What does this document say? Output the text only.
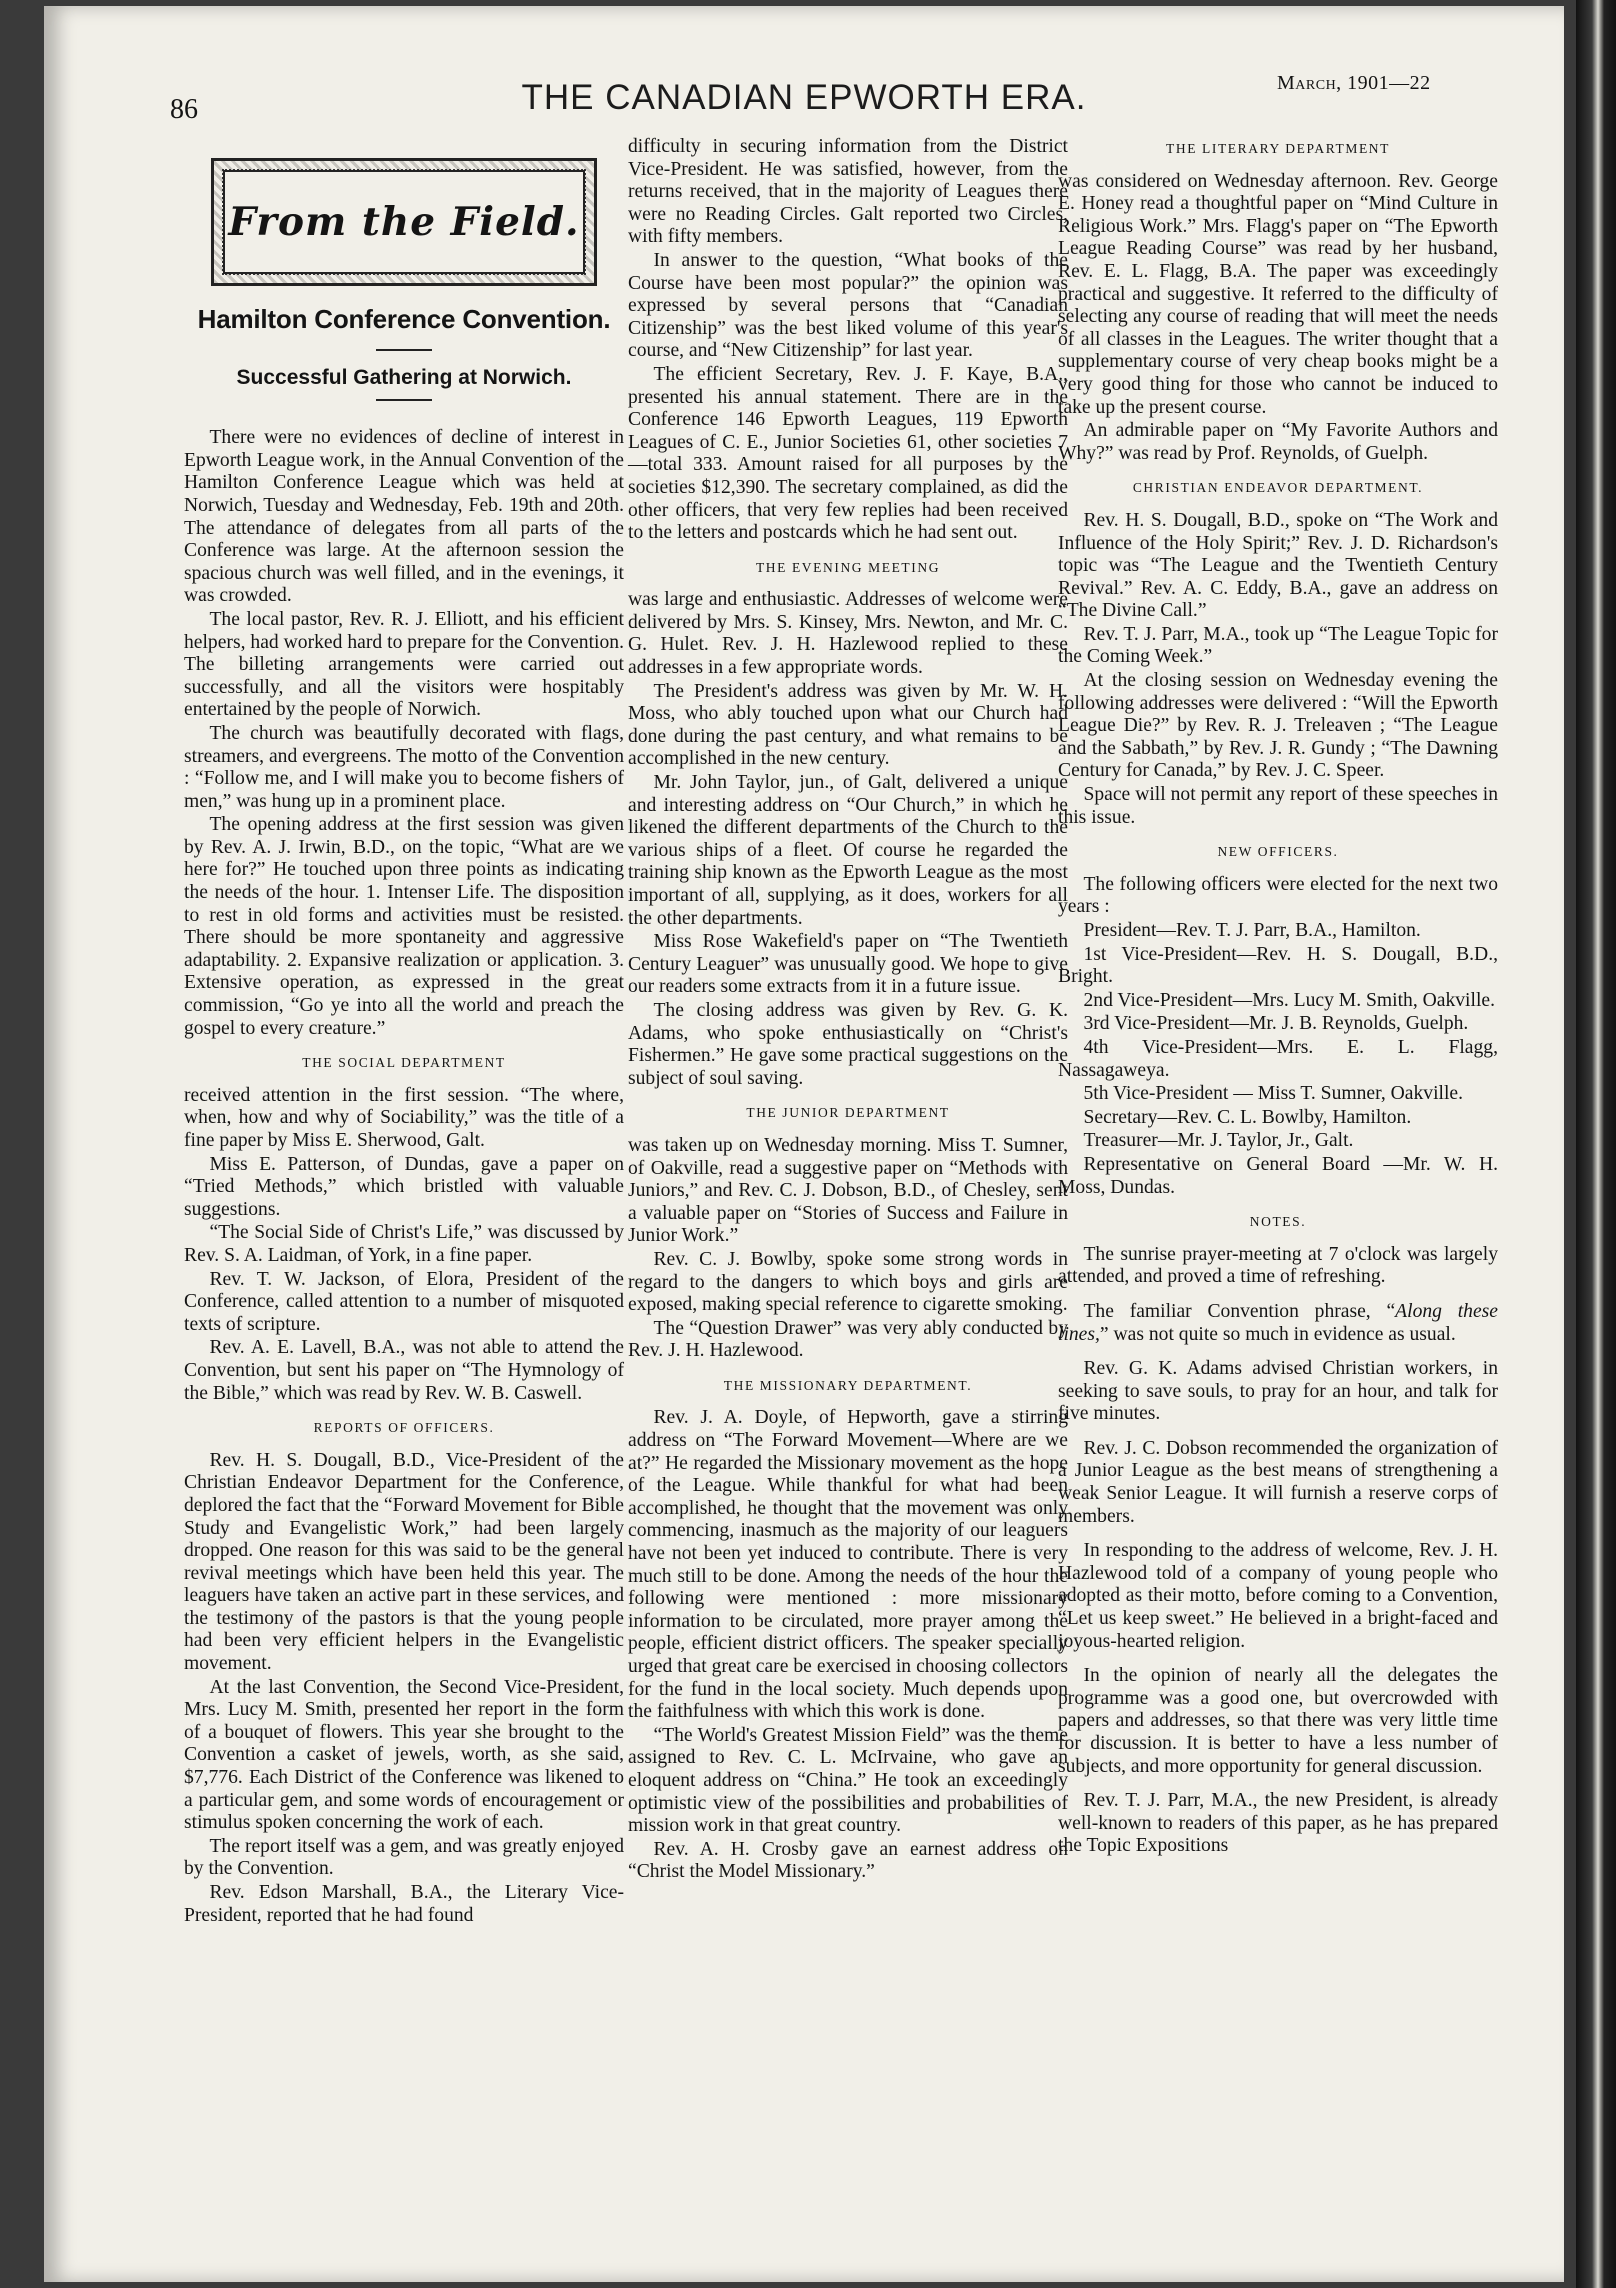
86	THE CANADIAN EPWORTH ERA.	March, 1901—22
From the Field.
Hamilton Conference Convention.
Successful Gathering at Norwich.

There were no evidences of decline of interest in Epworth League work, in the Annual Convention of the Hamilton Conference League which was held at Norwich, Tuesday and Wednesday, Feb. 19th and 20th. The attendance of delegates from all parts of the Conference was large. At the afternoon session the spacious church was well filled, and in the evenings, it was crowded.

The local pastor, Rev. R. J. Elliott, and his efficient helpers, had worked hard to prepare for the Convention. The billeting arrangements were carried out successfully, and all the visitors were hospitably entertained by the people of Norwich.

The church was beautifully decorated with flags, streamers, and evergreens. The motto of the Convention : “Follow me, and I will make you to become fishers of men,” was hung up in a prominent place.

The opening address at the first session was given by Rev. A. J. Irwin, B.D., on the topic, “What are we here for?” He touched upon three points as indicating the needs of the hour. 1. Intenser Life. The disposition to rest in old forms and activities must be resisted. There should be more spontaneity and aggressive adaptability. 2. Expansive realization or application. 3. Extensive operation, as expressed in the great commission, “Go ye into all the world and preach the gospel to every creature.”

THE SOCIAL DEPARTMENT

received attention in the first session. “The where, when, how and why of Sociability,” was the title of a fine paper by Miss E. Sherwood, Galt.

Miss E. Patterson, of Dundas, gave a paper on “Tried Methods,” which bristled with valuable suggestions.

“The Social Side of Christ's Life,” was discussed by Rev. S. A. Laidman, of York, in a fine paper.

Rev. T. W. Jackson, of Elora, President of the Conference, called attention to a number of misquoted texts of scripture.

Rev. A. E. Lavell, B.A., was not able to attend the Convention, but sent his paper on “The Hymnology of the Bible,” which was read by Rev. W. B. Caswell.

REPORTS OF OFFICERS.

Rev. H. S. Dougall, B.D., Vice-President of the Christian Endeavor Department for the Conference, deplored the fact that the “Forward Movement for Bible Study and Evangelistic Work,” had been largely dropped. One reason for this was said to be the general revival meetings which have been held this year. The leaguers have taken an active part in these services, and the testimony of the pastors is that the young people had been very efficient helpers in the Evangelistic movement.

At the last Convention, the Second Vice-President, Mrs. Lucy M. Smith, presented her report in the form of a bouquet of flowers. This year she brought to the Convention a casket of jewels, worth, as she said, $7,776. Each District of the Conference was likened to a particular gem, and some words of encouragement or stimulus spoken concerning the work of each.

The report itself was a gem, and was greatly enjoyed by the Convention.

Rev. Edson Marshall, B.A., the Literary Vice-President, reported that he had found

difficulty in securing information from the District Vice-President. He was satisfied, however, from the returns received, that in the majority of Leagues there were no Reading Circles. Galt reported two Circles, with fifty members.

In answer to the question, “What books of the Course have been most popular?” the opinion was expressed by several persons that “Canadian Citizenship” was the best liked volume of this year's course, and “New Citizenship” for last year.

The efficient Secretary, Rev. J. F. Kaye, B.A., presented his annual statement. There are in the Conference 146 Epworth Leagues, 119 Epworth Leagues of C. E., Junior Societies 61, other societies 7—total 333. Amount raised for all purposes by the societies $12,390. The secretary complained, as did the other officers, that very few replies had been received to the letters and postcards which he had sent out.

THE EVENING MEETING

was large and enthusiastic. Addresses of welcome were delivered by Mrs. S. Kinsey, Mrs. Newton, and Mr. C. G. Hulet. Rev. J. H. Hazlewood replied to these addresses in a few appropriate words.

The President's address was given by Mr. W. H. Moss, who ably touched upon what our Church had done during the past century, and what remains to be accomplished in the new century.

Mr. John Taylor, jun., of Galt, delivered a unique and interesting address on “Our Church,” in which he likened the different departments of the Church to the various ships of a fleet. Of course he regarded the training ship known as the Epworth League as the most important of all, supplying, as it does, workers for all the other departments.

Miss Rose Wakefield's paper on “The Twentieth Century Leaguer” was unusually good. We hope to give our readers some extracts from it in a future issue.

The closing address was given by Rev. G. K. Adams, who spoke enthusiastically on “Christ's Fishermen.” He gave some practical suggestions on the subject of soul saving.

THE JUNIOR DEPARTMENT

was taken up on Wednesday morning. Miss T. Sumner, of Oakville, read a suggestive paper on “Methods with Juniors,” and Rev. C. J. Dobson, B.D., of Chesley, sent a valuable paper on “Stories of Success and Failure in Junior Work.”

Rev. C. J. Bowlby, spoke some strong words in regard to the dangers to which boys and girls are exposed, making special reference to cigarette smoking.

The “Question Drawer” was very ably conducted by Rev. J. H. Hazlewood.

THE MISSIONARY DEPARTMENT.

Rev. J. A. Doyle, of Hepworth, gave a stirring address on “The Forward Movement—Where are we at?” He regarded the Missionary movement as the hope of the League. While thankful for what had been accomplished, he thought that the movement was only commencing, inasmuch as the majority of our leaguers have not been yet induced to contribute. There is very much still to be done. Among the needs of the hour the following were mentioned : more missionary information to be circulated, more prayer among the people, efficient district officers. The speaker specially urged that great care be exercised in choosing collectors for the fund in the local society. Much depends upon the faithfulness with which this work is done.

“The World's Greatest Mission Field” was the theme assigned to Rev. C. L. McIrvaine, who gave an eloquent address on “China.” He took an exceedingly optimistic view of the possibilities and probabilities of mission work in that great country.

Rev. A. H. Crosby gave an earnest address on “Christ the Model Missionary.”

THE LITERARY DEPARTMENT

was considered on Wednesday afternoon. Rev. George E. Honey read a thoughtful paper on “Mind Culture in Religious Work.” Mrs. Flagg's paper on “The Epworth League Reading Course” was read by her husband, Rev. E. L. Flagg, B.A. The paper was exceedingly practical and suggestive. It referred to the difficulty of selecting any course of reading that will meet the needs of all classes in the Leagues. The writer thought that a supplementary course of very cheap books might be a very good thing for those who cannot be induced to take up the present course.

An admirable paper on “My Favorite Authors and Why?” was read by Prof. Reynolds, of Guelph.

CHRISTIAN ENDEAVOR DEPARTMENT.

Rev. H. S. Dougall, B.D., spoke on “The Work and Influence of the Holy Spirit;” Rev. J. D. Richardson's topic was “The League and the Twentieth Century Revival.” Rev. A. C. Eddy, B.A., gave an address on “The Divine Call.”

Rev. T. J. Parr, M.A., took up “The League Topic for the Coming Week.”

At the closing session on Wednesday evening the following addresses were delivered : “Will the Epworth League Die?” by Rev. R. J. Treleaven ; “The League and the Sabbath,” by Rev. J. R. Gundy ; “The Dawning Century for Canada,” by Rev. J. C. Speer.

Space will not permit any report of these speeches in this issue.

NEW OFFICERS.

The following officers were elected for the next two years :

President—Rev. T. J. Parr, B.A., Hamilton.

1st Vice-President—Rev. H. S. Dougall, B.D., Bright.

2nd Vice-President—Mrs. Lucy M. Smith, Oakville.

3rd Vice-President—Mr. J. B. Reynolds, Guelph.

4th Vice-President—Mrs. E. L. Flagg, Nassagaweya.

5th Vice-President — Miss T. Sumner, Oakville.

Secretary—Rev. C. L. Bowlby, Hamilton.

Treasurer—Mr. J. Taylor, Jr., Galt.

Representative on General Board —Mr. W. H. Moss, Dundas.

NOTES.

The sunrise prayer-meeting at 7 o'clock was largely attended, and proved a time of refreshing.

The familiar Convention phrase, “Along these lines,” was not quite so much in evidence as usual.

Rev. G. K. Adams advised Christian workers, in seeking to save souls, to pray for an hour, and talk for five minutes.

Rev. J. C. Dobson recommended the organization of a Junior League as the best means of strengthening a weak Senior League. It will furnish a reserve corps of members.

In responding to the address of welcome, Rev. J. H. Hazlewood told of a company of young people who adopted as their motto, before coming to a Convention, “Let us keep sweet.” He believed in a bright-faced and joyous-hearted religion.

In the opinion of nearly all the delegates the programme was a good one, but overcrowded with papers and addresses, so that there was very little time for discussion. It is better to have a less number of subjects, and more opportunity for general discussion.

Rev. T. J. Parr, M.A., the new President, is already well-known to readers of this paper, as he has prepared the Topic Expositions
